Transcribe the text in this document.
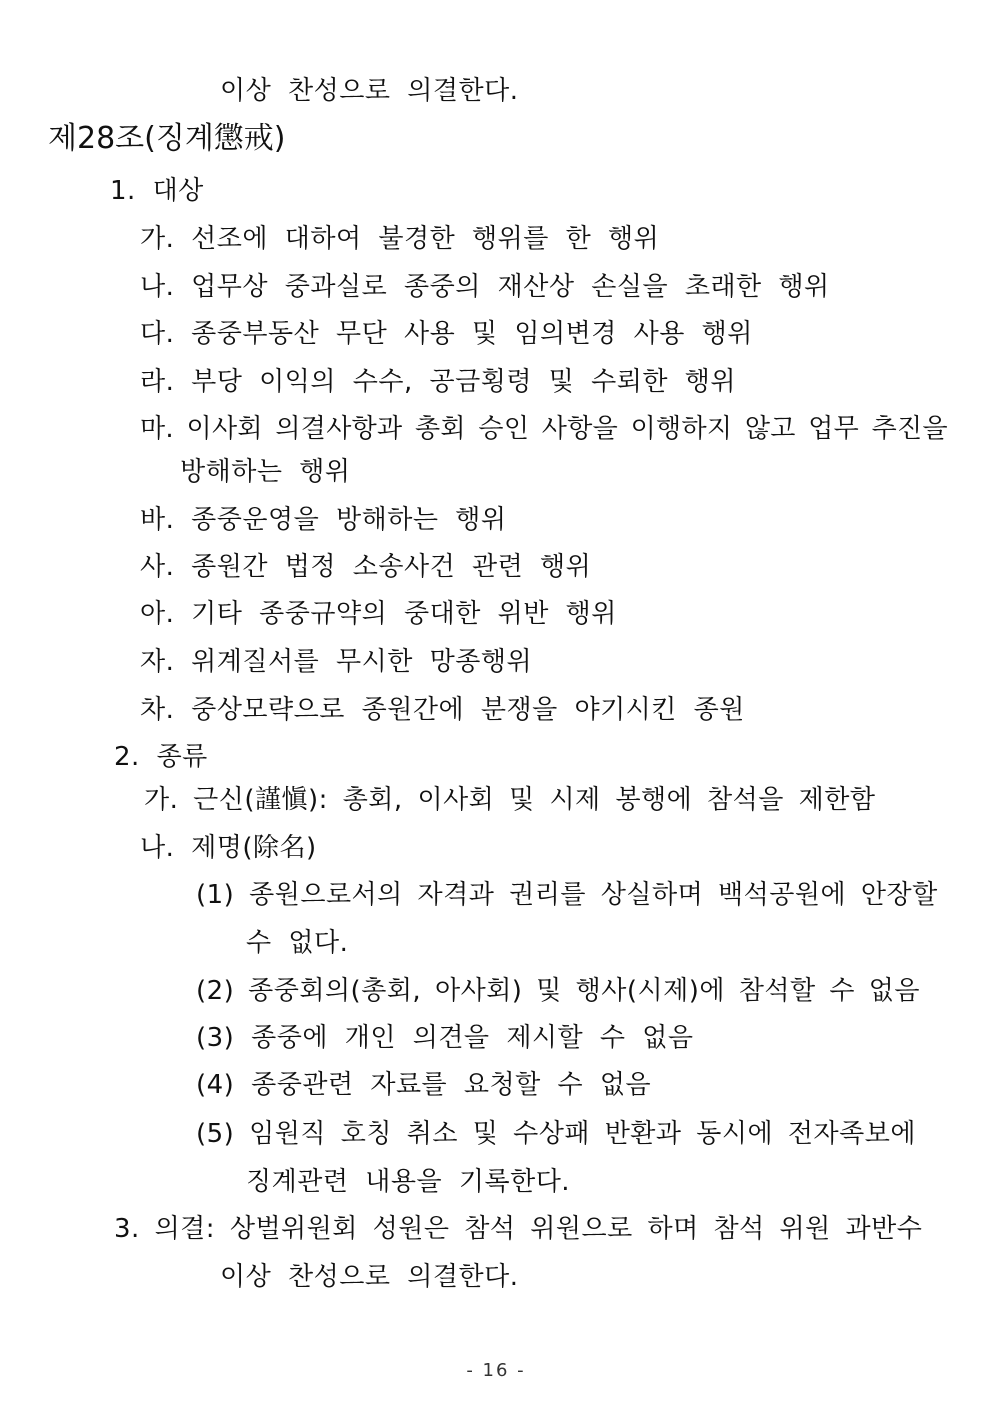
이상 찬성으로 의결한다.
제28조(징계懲戒)
1. 대상
가. 선조에 대하여 불경한 행위를 한 행위
나. 업무상 중과실로 종중의 재산상 손실을 초래한 행위
다. 종중부동산 무단 사용 및 임의변경 사용 행위
라. 부당 이익의 수수, 공금횡령 및 수뢰한 행위
마. 이사회 의결사항과 총회 승인 사항을 이행하지 않고 업무 추진을
방해하는 행위
바. 종중운영을 방해하는 행위
사. 종원간 법정 소송사건 관련 행위
아. 기타 종중규약의 중대한 위반 행위
자. 위계질서를 무시한 망종행위
차. 중상모략으로 종원간에 분쟁을 야기시킨 종원
2. 종류
가. 근신(謹愼): 총회, 이사회 및 시제 봉행에 참석을 제한함
나. 제명(除名)
(1) 종원으로서의 자격과 권리를 상실하며 백석공원에 안장할
수 없다.
(2) 종중회의(총회, 아사회) 및 행사(시제)에 참석할 수 없음
(3) 종중에 개인 의견을 제시할 수 없음
(4) 종중관련 자료를 요청할 수 없음
(5) 임원직 호칭 취소 및 수상패 반환과 동시에 전자족보에
징계관련 내용을 기록한다.
3. 의결: 상벌위원회 성원은 참석 위원으로 하며 참석 위원 과반수
이상 찬성으로 의결한다.
- 16 -
